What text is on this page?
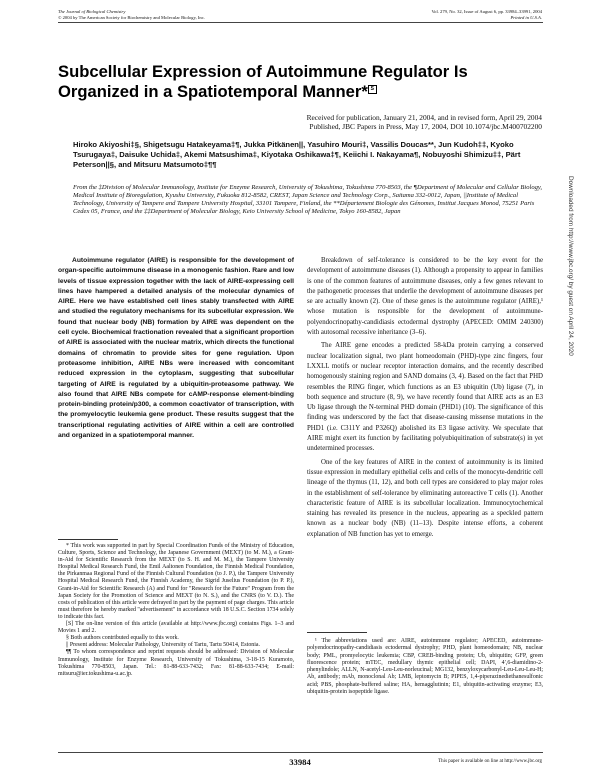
The Journal of Biological Chemistry
© 2004 by The American Society for Biochemistry and Molecular Biology, Inc.
Vol. 279, No. 32, Issue of August 6, pp. 33984–33991, 2004
Printed in U.S.A.
Subcellular Expression of Autoimmune Regulator Is Organized in a Spatiotemporal Manner* S
Received for publication, January 21, 2004, and in revised form, April 29, 2004
Published, JBC Papers in Press, May 17, 2004, DOI 10.1074/jbc.M400702200
Hiroko Akiyoshi‡§, Shigetsugu Hatakeyama‡¶, Jukka Pitkänen||, Yasuhiro Mouri‡, Vassilis Doucas**, Jun Kudoh‡‡, Kyoko Tsurugaya‡, Daisuke Uchida‡, Akemi Matsushima‡, Kiyotaka Oshikawa‡¶, Keiichi I. Nakayama¶, Nobuyoshi Shimizu‡‡, Pärt Peterson||§, and Mitsuru Matsumoto‡¶¶
From the ‡Division of Molecular Immunology, Institute for Enzyme Research, University of Tokushima, Tokushima 770-8503, the ¶Department of Molecular and Cellular Biology, Medical Institute of Bioregulation, Kyushu University, Fukuoka 812-8582, CREST, Japan Science and Technology Corp., Saitama 332-0012, Japan, ||Institute of Medical Technology, University of Tampere and Tampere University Hospital, 33101 Tampere, Finland, the **Département Biologie des Génomes, Institut Jacques Monod, 75251 Paris Cedex 05, France, and the ‡‡Department of Molecular Biology, Keio University School of Medicine, Tokyo 160-8582, Japan
Autoimmune regulator (AIRE) is responsible for the development of organ-specific autoimmune disease in a monogenic fashion. Rare and low levels of tissue expression together with the lack of AIRE-expressing cell lines have hampered a detailed analysis of the molecular dynamics of AIRE. Here we have established cell lines stably transfected with AIRE and studied the regulatory mechanisms for its subcellular expression. We found that nuclear body (NB) formation by AIRE was dependent on the cell cycle. Biochemical fractionation revealed that a significant proportion of AIRE is associated with the nuclear matrix, which directs the functional domains of chromatin to provide sites for gene regulation. Upon proteasome inhibition, AIRE NBs were increased with concomitant reduced expression in the cytoplasm, suggesting that subcellular targeting of AIRE is regulated by a ubiquitin-proteasome pathway. We also found that AIRE NBs compete for cAMP-response element-binding protein-binding protein/p300, a common coactivator of transcription, with the promyelocytic leukemia gene product. These results suggest that the transcriptional regulating activities of AIRE within a cell are controlled and organized in a spatiotemporal manner.

* This work was supported in part by Special Coordination Funds of the Ministry of Education, Culture, Sports, Science and Technology, the Japanese Government (MEXT) (to M. M.), a Grant-in-Aid for Scientific Research from the MEXT (to S. H. and M. M.), the Tampere University Hospital Medical Research Fund, the Emil Aaltonen Foundation, the Finnish Medical Foundation, the Pirkanmaa Regional Fund of the Finnish Cultural Foundation (to J. P.), the Tampere University Hospital Medical Research Fund, the Finnish Academy, the Sigrid Juselius Foundation (to P. P.), Grant-in-Aid for Scientific Research (A) and Fund for "Research for the Future" Program from the Japan Society for the Promotion of Science and MEXT (to N. S.), and the CNRS (to V. D.). The costs of publication of this article were defrayed in part by the payment of page charges. This article must therefore be hereby marked "advertisement" in accordance with 18 U.S.C. Section 1734 solely to indicate this fact.

[S] The on-line version of this article (available at http://www.jbc.org) contains Figs. 1–3 and Movies 1 and 2.

§ Both authors contributed equally to this work.

|| Present address: Molecular Pathology, University of Tartu, Tartu 50414, Estonia.

¶¶ To whom correspondence and reprint requests should be addressed: Division of Molecular Immunology, Institute for Enzyme Research, University of Tokushima, 3-18-15 Kuramoto, Tokushima 770-8503, Japan. Tel.: 81-88-633-7432; Fax: 81-88-633-7434; E-mail: mitsuru@ier.tokushima-u.ac.jp.

Breakdown of self-tolerance is considered to be the key event for the development of autoimmune diseases (1). Although a propensity to appear in families is one of the common features of autoimmune diseases, only a few genes relevant to the pathogenetic processes that underlie the development of autoimmune diseases per se are actually known (2). One of these genes is the autoimmune regulator (AIRE),¹ whose mutation is responsible for the development of autoimmune-polyendocrinopathy-candidiasis ectodermal dystrophy (APECED: OMIM 240300) with autosomal recessive inheritance (3–6).

The AIRE gene encodes a predicted 58-kDa protein carrying a conserved nuclear localization signal, two plant homeodomain (PHD)-type zinc fingers, four LXXLL motifs or nuclear receptor interaction domains, and the recently described homogenously staining region and SAND domains (3, 4). Based on the fact that PHD resembles the RING finger, which functions as an E3 ubiquitin (Ub) ligase (7), in both sequence and structure (8, 9), we have recently found that AIRE acts as an E3 Ub ligase through the N-terminal PHD domain (PHD1) (10). The significance of this finding was underscored by the fact that disease-causing missense mutations in the PHD1 (i.e. C311Y and P326Q) abolished its E3 ligase activity. We speculate that AIRE might exert its function by facilitating polyubiquitination of substrate(s) in yet undetermined processes.

One of the key features of AIRE in the context of autoimmunity is its limited tissue expression in medullary epithelial cells and cells of the monocyte-dendritic cell lineage of the thymus (11, 12), and both cell types are considered to play major roles in the establishment of self-tolerance by eliminating autoreactive T cells (1). Another characteristic feature of AIRE is its subcellular localization. Immunocytochemical staining has revealed its presence in the nucleus, appearing as a speckled pattern known as a nuclear body (NB) (11–13). Despite intense efforts, a coherent explanation of NB function has yet to emerge.

¹ The abbreviations used are: AIRE, autoimmune regulator; APECED, autoimmune-polyendocrinopathy-candidiasis ectodermal dystrophy; PHD, plant homeodomain; NB, nuclear body; PML, promyelocytic leukemia; CBP, CREB-binding protein; Ub, ubiquitin; GFP, green fluorescence protein; mTEC, medullary thymic epithelial cell; DAPI, 4′,6-diamidino-2-phenylindole; ALLN, N-acetyl-Leu-Leu-norleucinal; MG132, benzyloxycarbonyl-Leu-Leu-Leu-H; Ab, antibody; mAb, monoclonal Ab; LMB, leptomycin B; PIPES, 1,4-piperazinediethanesulfonic acid; PBS, phosphate-buffered saline; HA, hemagglutinin; E1, ubiquitin-activating enzyme; E3, ubiquitin-protein isopeptide ligase.

33984	This paper is available on line at http://www.jbc.org
Downloaded from http://www.jbc.org/ by guest on April 24, 2020
